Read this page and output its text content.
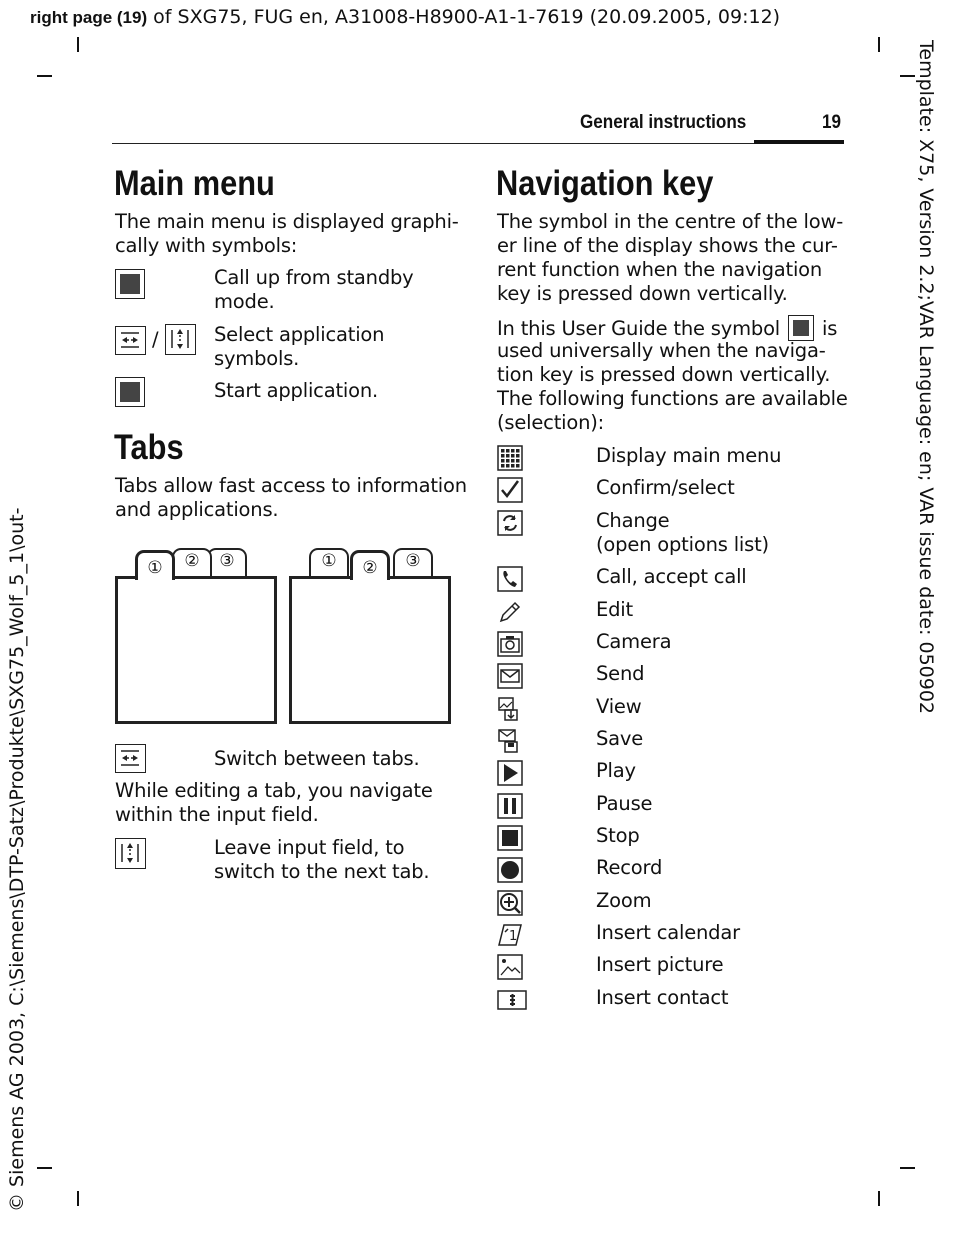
right page (19) of SXG75, FUG en, A31008-H8900-A1-1-7619 (20.09.2005, 09:12)
Template: X75, Version 2.2;VAR Language: en; VAR issue date: 050902
© Siemens AG 2003, C:\Siemens\DTP-Satz\Produkte\SXG75_Wolf_5_1\out-
General instructions	19
Main menu
The main menu is displayed graphi-
cally with symbols:
Call up from standby
mode.
/	Select application
symbols.
Start application.
Tabs
Tabs allow fast access to information
and applications.
③
②
①	①	③
②
Switch between tabs.
While editing a tab, you navigate
within the input field.
Leave input field, to
switch to the next tab.
Navigation key
The symbol in the centre of the low-
er line of the display shows the cur-
rent function when the navigation
key is pressed down vertically.
In this User Guide the symbol is
used universally when the naviga-
tion key is pressed down vertically.
The following functions are available
(selection):
Display main menu
Confirm/select
Change
(open options list)
Call, accept call
Edit
Camera
Send
View
Save
Play
Pause
Stop
Record
Zoom
1	Insert calendar
Insert picture
Insert contact
